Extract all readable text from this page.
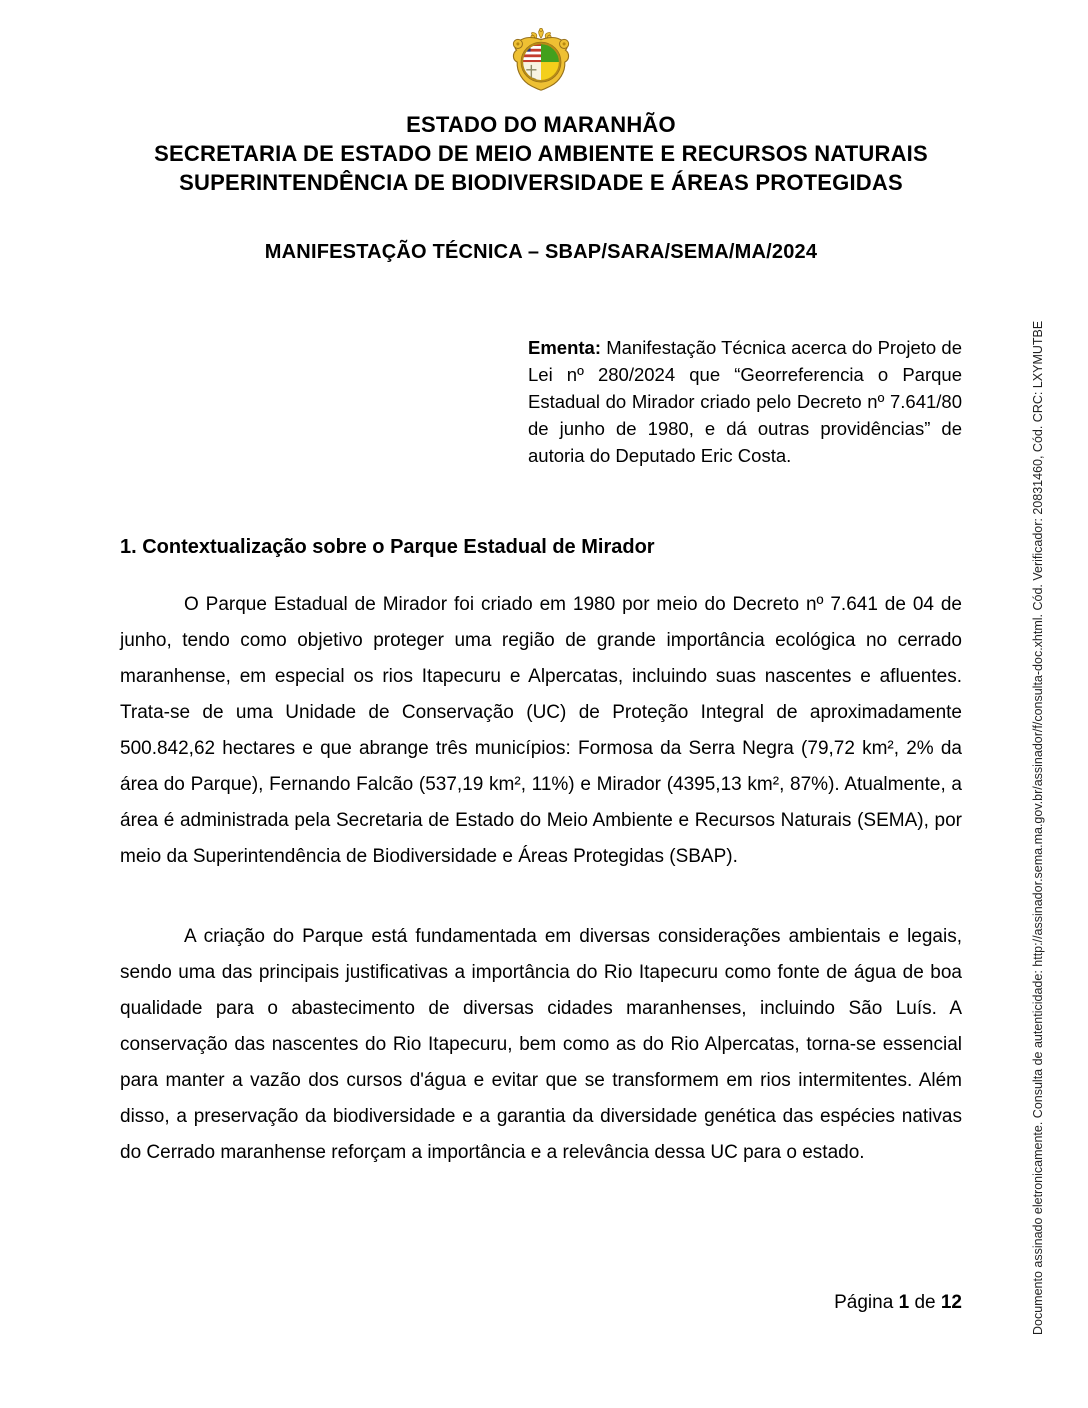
ESTADO DO MARANHÃO
SECRETARIA DE ESTADO DE MEIO AMBIENTE E RECURSOS NATURAIS
SUPERINTENDÊNCIA DE BIODIVERSIDADE E ÁREAS PROTEGIDAS
MANIFESTAÇÃO TÉCNICA – SBAP/SARA/SEMA/MA/2024
Ementa: Manifestação Técnica acerca do Projeto de Lei nº 280/2024 que “Georreferencia o Parque Estadual do Mirador criado pelo Decreto nº 7.641/80 de junho de 1980, e dá outras providências” de autoria do Deputado Eric Costa.
1. Contextualização sobre o Parque Estadual de Mirador

O Parque Estadual de Mirador foi criado em 1980 por meio do Decreto nº 7.641 de 04 de junho, tendo como objetivo proteger uma região de grande importância ecológica no cerrado maranhense, em especial os rios Itapecuru e Alpercatas, incluindo suas nascentes e afluentes. Trata-se de uma Unidade de Conservação (UC) de Proteção Integral de aproximadamente 500.842,62 hectares e que abrange três municípios: Formosa da Serra Negra (79,72 km², 2% da área do Parque), Fernando Falcão (537,19 km², 11%) e Mirador (4395,13 km², 87%). Atualmente, a área é administrada pela Secretaria de Estado do Meio Ambiente e Recursos Naturais (SEMA), por meio da Superintendência de Biodiversidade e Áreas Protegidas (SBAP).

A criação do Parque está fundamentada em diversas considerações ambientais e legais, sendo uma das principais justificativas a importância do Rio Itapecuru como fonte de água de boa qualidade para o abastecimento de diversas cidades maranhenses, incluindo São Luís. A conservação das nascentes do Rio Itapecuru, bem como as do Rio Alpercatas, torna-se essencial para manter a vazão dos cursos d'água e evitar que se transformem em rios intermitentes. Além disso, a preservação da biodiversidade e a garantia da diversidade genética das espécies nativas do Cerrado maranhense reforçam a importância e a relevância dessa UC para o estado.

Página 1 de 12	Documento assinado eletronicamente. Consulta de autenticidade: http://assinador.sema.ma.gov.br/assinador/f/consulta-doc.xhtml. Cód. Verificador: 20831460, Cód. CRC: LXYMUTBE
